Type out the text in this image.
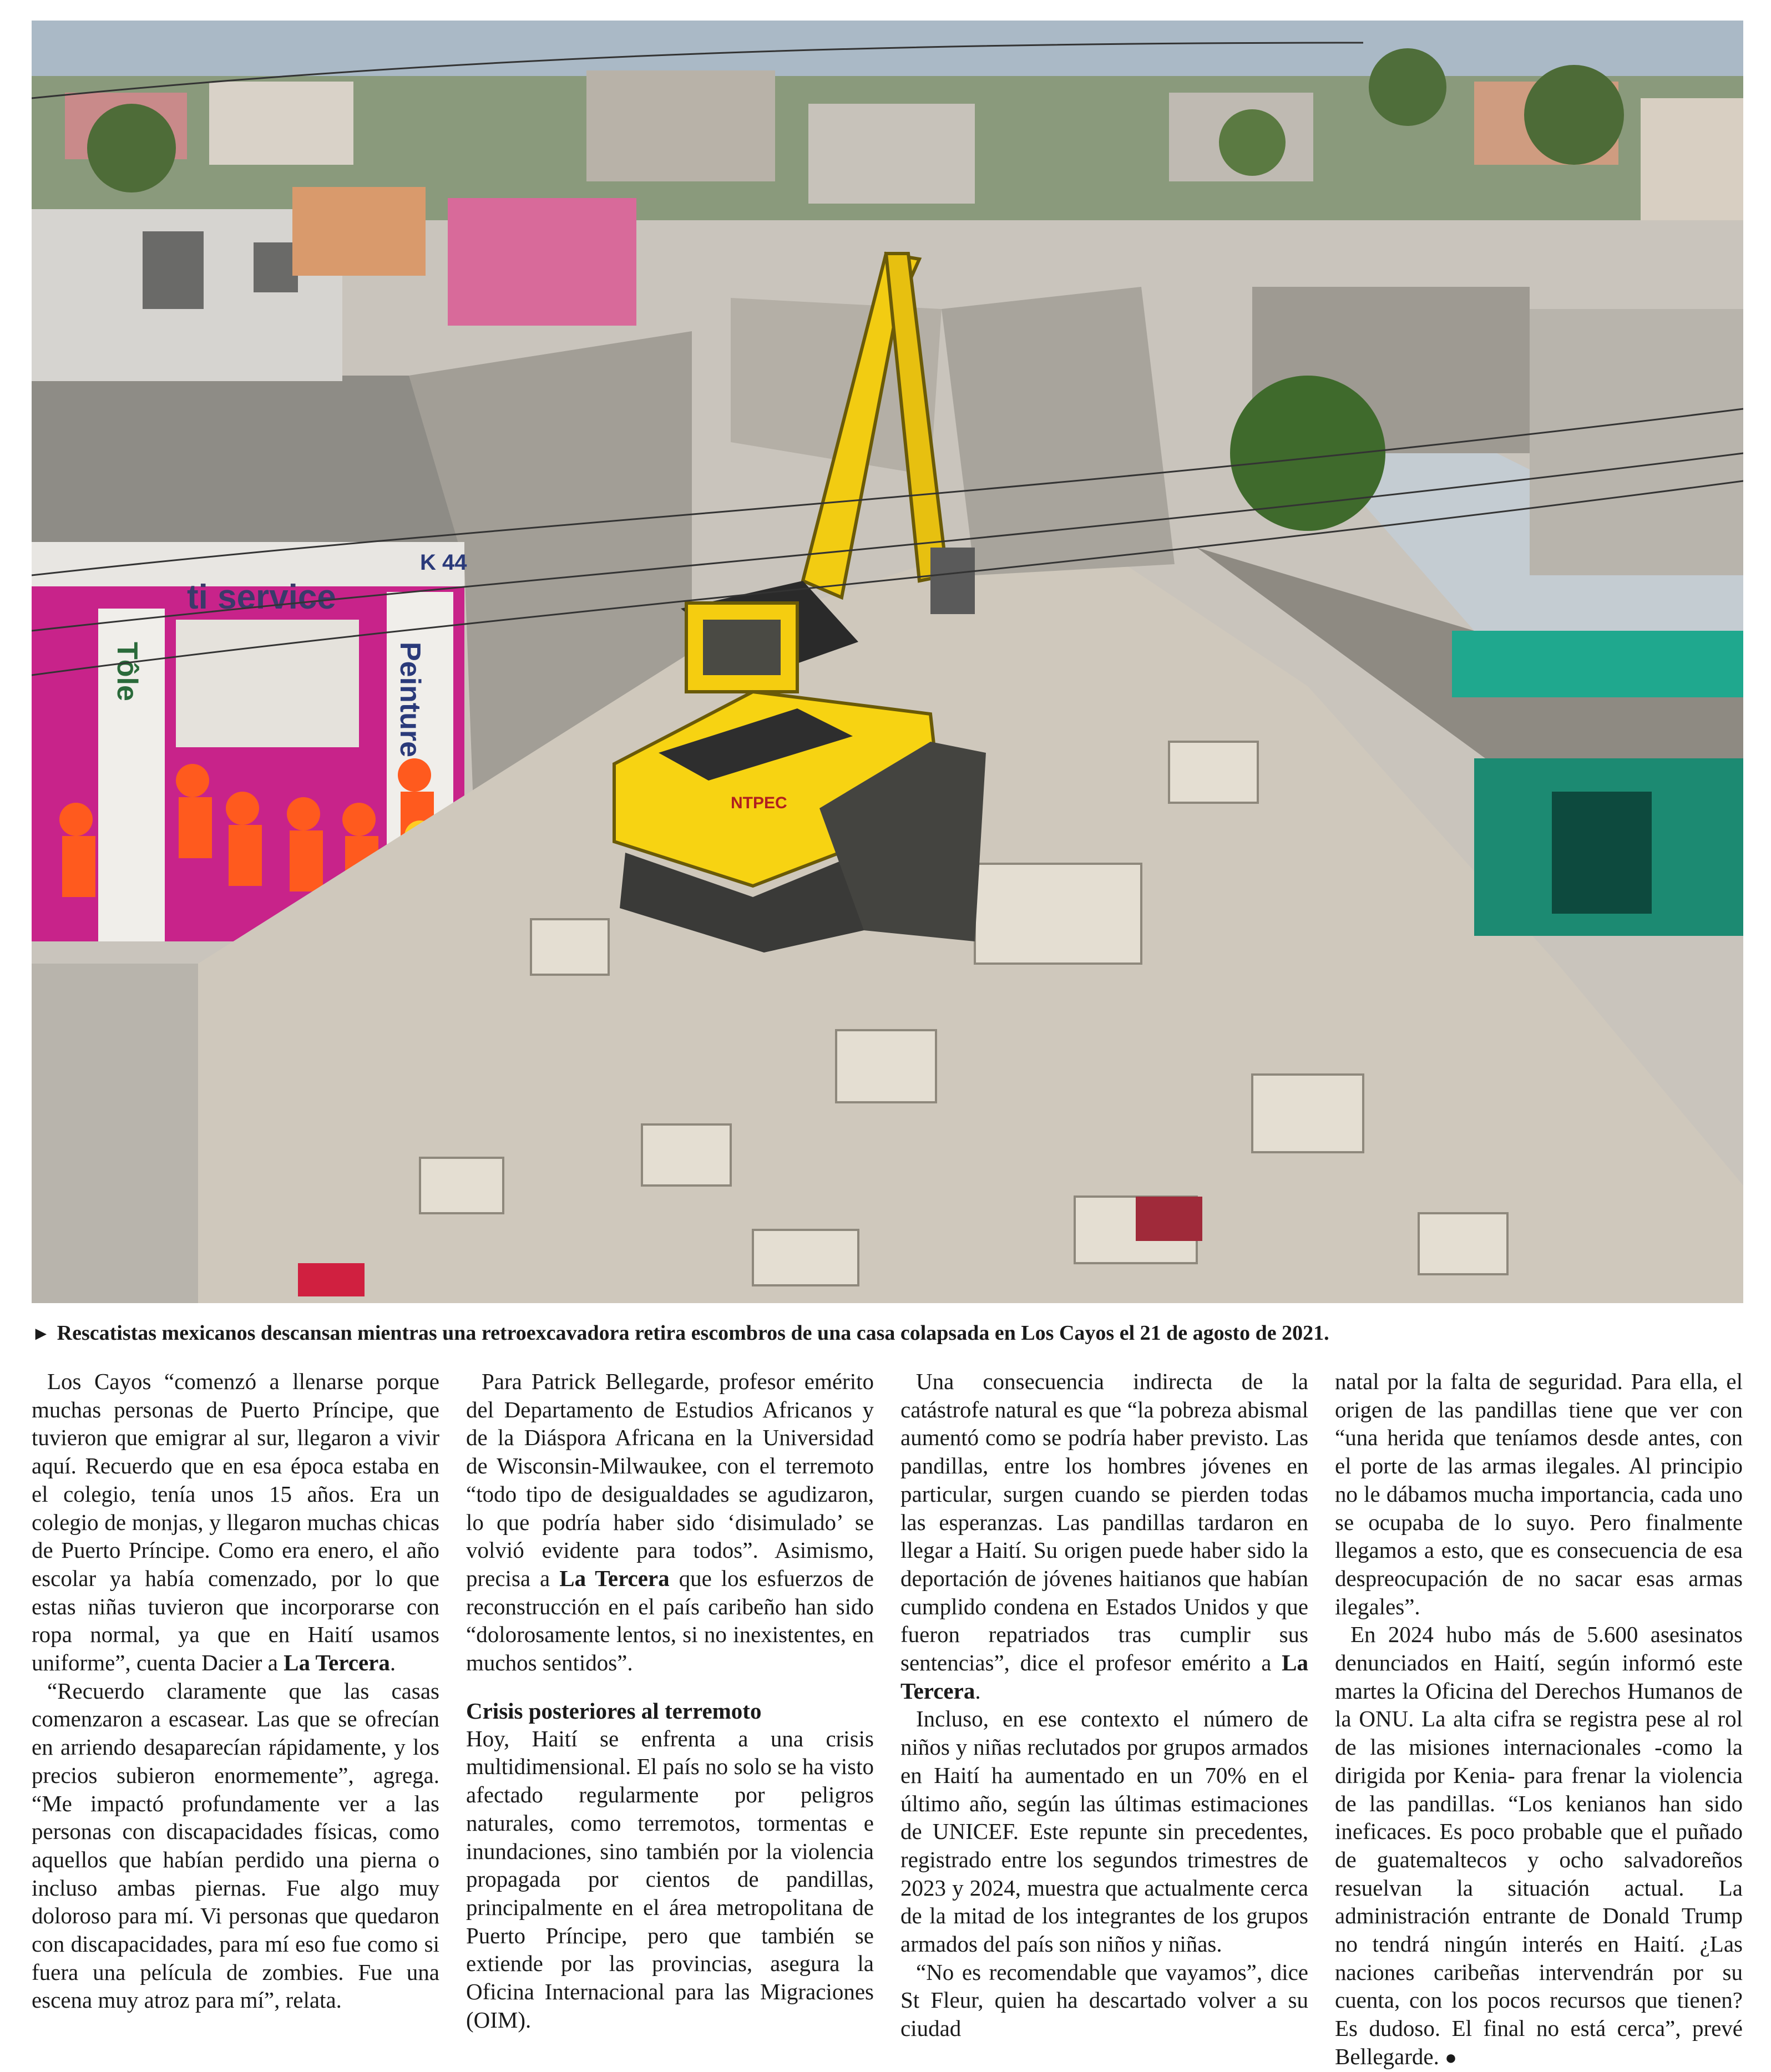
ti service
Peinture
Tôle
K 44
NTPEC
► Rescatistas mexicanos descansan mientras una retroexcavadora retira escombros de una casa colapsada en Los Cayos el 21 de agosto de 2021.

Los Cayos “comenzó a llenarse porque muchas personas de Puerto Príncipe, que tuvieron que emigrar al sur, llegaron a vivir aquí. Recuerdo que en esa época estaba en el colegio, tenía unos 15 años. Era un colegio de monjas, y llegaron muchas chicas de Puerto Príncipe. Como era enero, el año escolar ya había comenzado, por lo que estas niñas tuvieron que incorporarse con ropa normal, ya que en Haití usamos uniforme”, cuenta Dacier a La Tercera.

“Recuerdo claramente que las casas comenzaron a escasear. Las que se ofrecían en arriendo desaparecían rápidamente, y los precios subieron enormemente”, agrega. “Me impactó profundamente ver a las personas con discapacidades físicas, como aquellos que habían perdido una pierna o incluso ambas piernas. Fue algo muy doloroso para mí. Vi personas que quedaron con discapacidades, para mí eso fue como si fuera una película de zombies. Fue una escena muy atroz para mí”, relata.

Para Patrick Bellegarde, profesor emérito del Departamento de Estudios Africanos y de la Diáspora Africana en la Universidad de Wisconsin-Milwaukee, con el terremoto “todo tipo de desigualdades se agudizaron, lo que podría haber sido ‘disimulado’ se volvió evidente para todos”. Asimismo, precisa a La Tercera que los esfuerzos de reconstrucción en el país caribeño han sido “dolorosamente lentos, si no inexistentes, en muchos sentidos”.

Crisis posteriores al terremoto

Hoy, Haití se enfrenta a una crisis multidimensional. El país no solo se ha visto afectado regularmente por peligros naturales, como terremotos, tormentas e inundaciones, sino también por la violencia propagada por cientos de pandillas, principalmente en el área metropolitana de Puerto Príncipe, pero que también se extiende por las provincias, asegura la Oficina Internacional para las Migraciones (OIM).

Una consecuencia indirecta de la catástrofe natural es que “la pobreza abismal aumentó como se podría haber previsto. Las pandillas, entre los hombres jóvenes en particular, surgen cuando se pierden todas las esperanzas. Las pandillas tardaron en llegar a Haití. Su origen puede haber sido la deportación de jóvenes haitianos que habían cumplido condena en Estados Unidos y que fueron repatriados tras cumplir sus sentencias”, dice el profesor emérito a La Tercera.

Incluso, en ese contexto el número de niños y niñas reclutados por grupos armados en Haití ha aumentado en un 70% en el último año, según las últimas estimaciones de UNICEF. Este repunte sin precedentes, registrado entre los segundos trimestres de 2023 y 2024, muestra que actualmente cerca de la mitad de los integrantes de los grupos armados del país son niños y niñas.

“No es recomendable que vayamos”, dice St Fleur, quien ha descartado volver a su ciudad

natal por la falta de seguridad. Para ella, el origen de las pandillas tiene que ver con “una herida que teníamos desde antes, con el porte de las armas ilegales. Al principio no le dábamos mucha importancia, cada uno se ocupaba de lo suyo. Pero finalmente llegamos a esto, que es consecuencia de esa despreocupación de no sacar esas armas ilegales”.

En 2024 hubo más de 5.600 asesinatos denunciados en Haití, según informó este martes la Oficina del Derechos Humanos de la ONU. La alta cifra se registra pese al rol de las misiones internacionales -como la dirigida por Kenia- para frenar la violencia de las pandillas. “Los kenianos han sido ineficaces. Es poco probable que el puñado de guatemaltecos y ocho salvadoreños resuelvan la situación actual. La administración entrante de Donald Trump no tendrá ningún interés en Haití. ¿Las naciones caribeñas intervendrán por su cuenta, con los pocos recursos que tienen? Es dudoso. El final no está cerca”, prevé Bellegarde. ●
